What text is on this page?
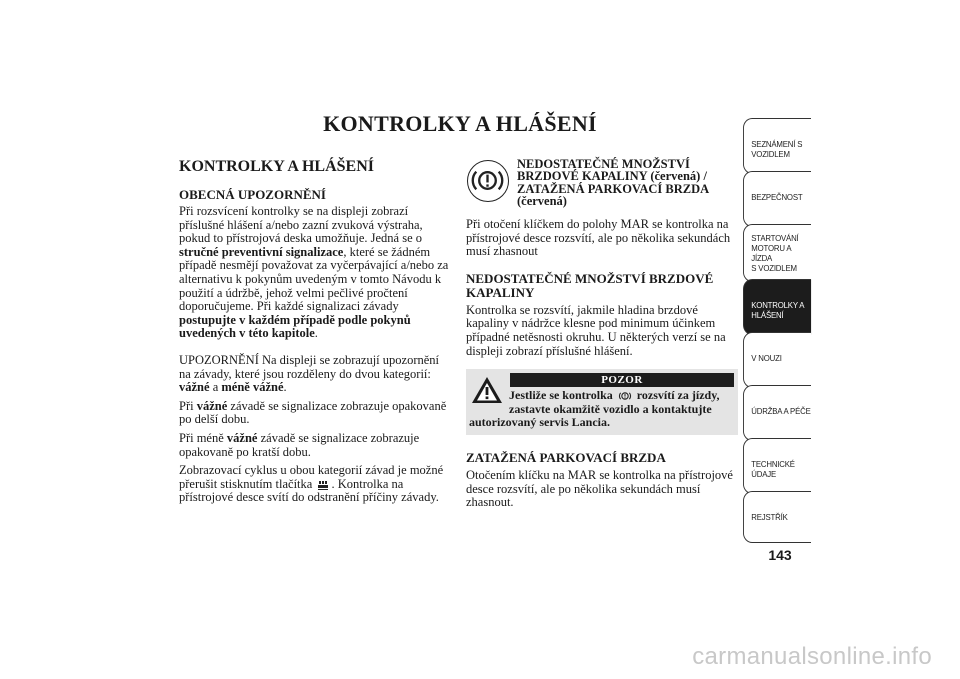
KONTROLKY A HLÁŠENÍ
KONTROLKY A HLÁŠENÍ
OBECNÁ UPOZORNĚNÍ

Při rozsvícení kontrolky se na displeji zobrazí příslušné hlášení a/nebo zazní zvuková výstraha, pokud to přístrojová deska umožňuje. Jedná se o stručné preventivní signalizace, které se žádném případě nesmějí považovat za vyčerpávající a/nebo za alternativu k pokynům uvedeným v tomto Návodu k použití a údržbě, jehož velmi pečlivé pročtení doporučujeme. Při každé signalizaci závady postupujte v každém případě podle pokynů uvedených v této kapitole.

UPOZORNĚNÍ Na displeji se zobrazují upozornění na závady, které jsou rozděleny do dvou kategorií: vážné a méně vážné.

Při vážné závadě se signalizace zobrazuje opakovaně po delší dobu.

Při méně vážné závadě se signalizace zobrazuje opakovaně po kratší dobu.

Zobrazovací cyklus u obou kategorií závad je možné přerušit stisknutím tlačítka . Kontrolka na přístrojové desce svítí do odstranění příčiny závady.

NEDOSTATEČNÉ MNOŽSTVÍ BRZDOVÉ KAPALINY (červená) /
ZATAŽENÁ PARKOVACÍ BRZDA (červená)

Při otočení klíčkem do polohy MAR se kontrolka na přístrojové desce rozsvítí, ale po několika sekundách musí zhasnout

NEDOSTATEČNÉ MNOŽSTVÍ BRZDOVÉ KAPALINY

Kontrolka se rozsvítí, jakmile hladina brzdové kapaliny v nádržce klesne pod minimum účinkem případné netěsnosti okruhu. U některých verzí se na displeji zobrazí příslušné hlášení.

POZOR
Jestliže se kontrolka  rozsvítí za jízdy,
zastavte okamžitě vozidlo a kontaktujte
autorizovaný servis Lancia.
ZATAŽENÁ PARKOVACÍ BRZDA

Otočením klíčku na MAR se kontrolka na přístrojové desce rozsvítí, ale po několika sekundách musí zhasnout.

SEZNÁMENÍ S
VOZIDLEM
BEZPEČNOST
STARTOVÁNÍ
MOTORU A JÍZDA
S VOZIDLEM
KONTROLKY A
HLÁŠENÍ
V NOUZI
ÚDRŽBA A PÉČE
TECHNICKÉ
ÚDAJE
REJSTŘÍK
143
carmanualsonline.info
